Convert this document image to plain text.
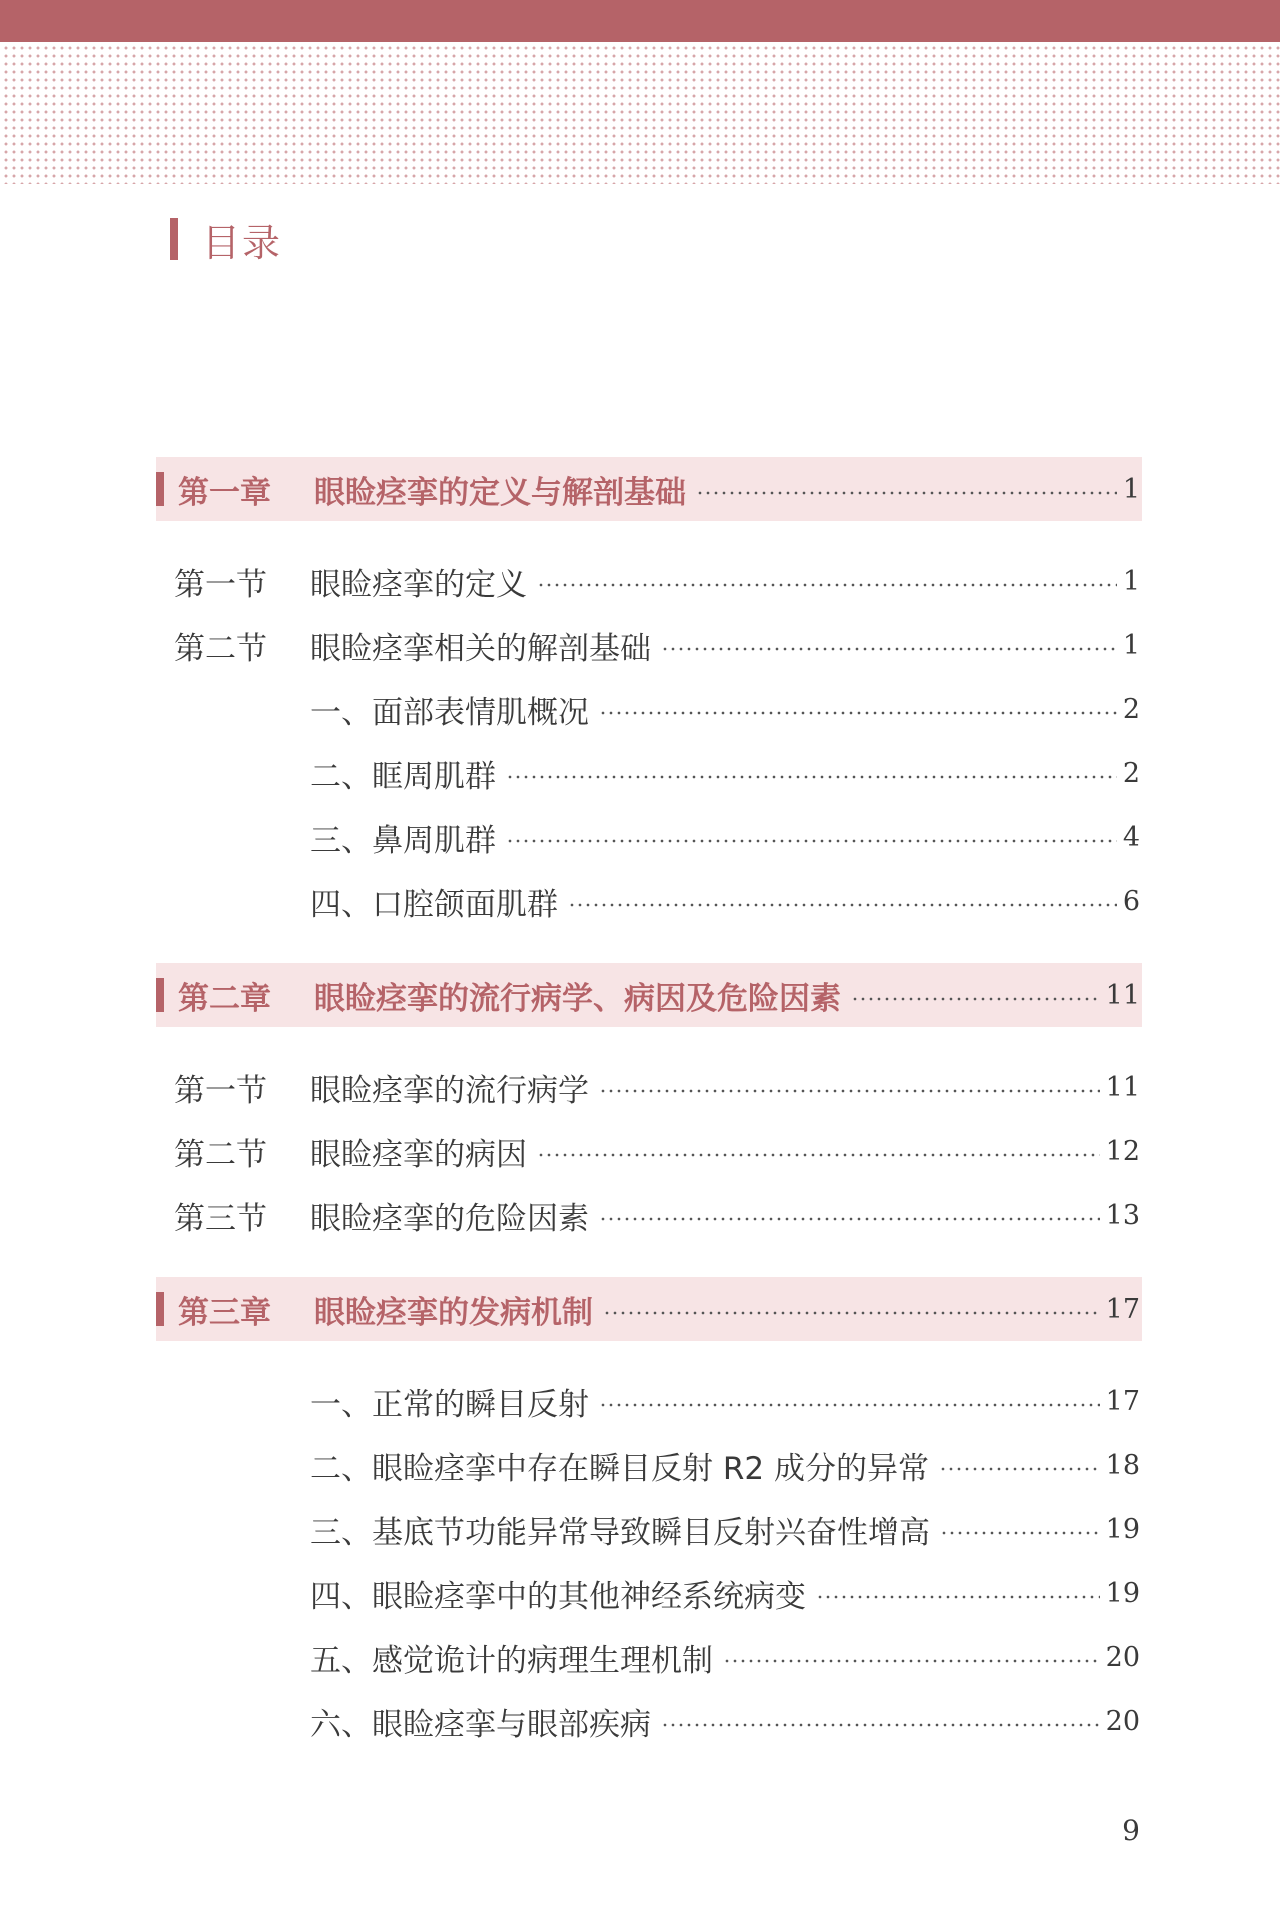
目录
第一章	眼睑痉挛的定义与解剖基础	1
第一节	眼睑痉挛的定义	1
第二节	眼睑痉挛相关的解剖基础	1
一、面部表情肌概况	2
二、眶周肌群	2
三、鼻周肌群	4
四、口腔颌面肌群	6
第二章	眼睑痉挛的流行病学、病因及危险因素	11
第一节	眼睑痉挛的流行病学	11
第二节	眼睑痉挛的病因	12
第三节	眼睑痉挛的危险因素	13
第三章	眼睑痉挛的发病机制	17
一、正常的瞬目反射	17
二、眼睑痉挛中存在瞬目反射 R2 成分的异常	18
三、基底节功能异常导致瞬目反射兴奋性增高	19
四、眼睑痉挛中的其他神经系统病变	19
五、感觉诡计的病理生理机制	20
六、眼睑痉挛与眼部疾病	20
9
